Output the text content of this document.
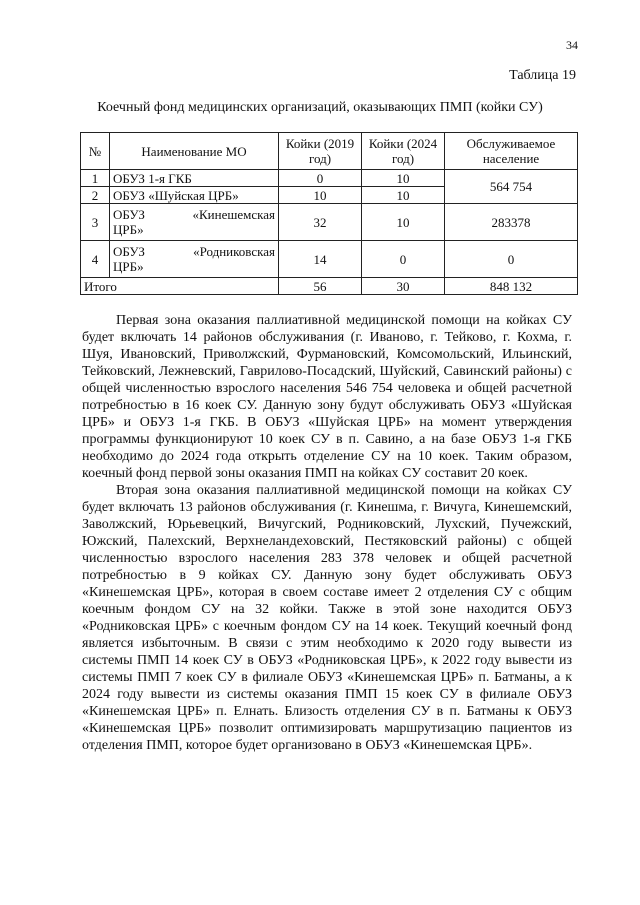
34
Таблица 19
Коечный фонд медицинских организаций, оказывающих ПМП (койки СУ)
№	Наименование МО	Койки (2019 год)	Койки (2024 год)	Обслуживаемое население
1	ОБУЗ 1-я ГКБ	0	10	564 754
2	ОБУЗ «Шуйская ЦРБ»	10	10	
3	ОБУЗ «Кинешемская
ЦРБ»	32	10	283378
4	ОБУЗ «Родниковская
ЦРБ»	14	0	0
Итого		56	30	848 132

Первая зона оказания паллиативной медицинской помощи на койках СУ будет включать 14 районов обслуживания (г. Иваново, г. Тейково, г. Кохма, г. Шуя, Ивановский, Приволжский, Фурмановский, Комсомольский, Ильинский, Тейковский, Лежневский, Гаврилово-Посадский, Шуйский, Савинский районы) с общей численностью взрослого населения 546 754 человека и общей расчетной потребностью в 16 коек СУ. Данную зону будут обслуживать ОБУЗ «Шуйская ЦРБ» и ОБУЗ 1-я ГКБ. В ОБУЗ «Шуйская ЦРБ» на момент утверждения программы функционируют 10 коек СУ в п. Савино, а на базе ОБУЗ 1-я ГКБ необходимо до 2024 года открыть отделение СУ на 10 коек. Таким образом, коечный фонд первой зоны оказания ПМП на койках СУ составит 20 коек.

Вторая зона оказания паллиативной медицинской помощи на койках СУ будет включать 13 районов обслуживания (г. Кинешма, г. Вичуга, Кинешемский, Заволжский, Юрьевецкий, Вичугский, Родниковский, Лухский, Пучежский, Южский, Палехский, Верхнеландеховский, Пестяковский районы) с общей численностью взрослого населения 283 378 человек и общей расчетной потребностью в 9 койках СУ. Данную зону будет обслуживать ОБУЗ «Кинешемская ЦРБ», которая в своем составе имеет 2 отделения СУ с общим коечным фондом СУ на 32 койки. Также в этой зоне находится ОБУЗ «Родниковская ЦРБ» с коечным фондом СУ на 14 коек. Текущий коечный фонд является избыточным. В связи с этим необходимо к 2020 году вывести из системы ПМП 14 коек СУ в ОБУЗ «Родниковская ЦРБ», к 2022 году вывести из системы ПМП 7 коек СУ в филиале ОБУЗ «Кинешемская ЦРБ» п. Батманы, а к 2024 году вывести из системы оказания ПМП 15 коек СУ в филиале ОБУЗ «Кинешемская ЦРБ» п. Елнать. Близость отделения СУ в п. Батманы к ОБУЗ «Кинешемская ЦРБ» позволит оптимизировать маршрутизацию пациентов из отделения ПМП, которое будет организовано в ОБУЗ «Кинешемская ЦРБ».
